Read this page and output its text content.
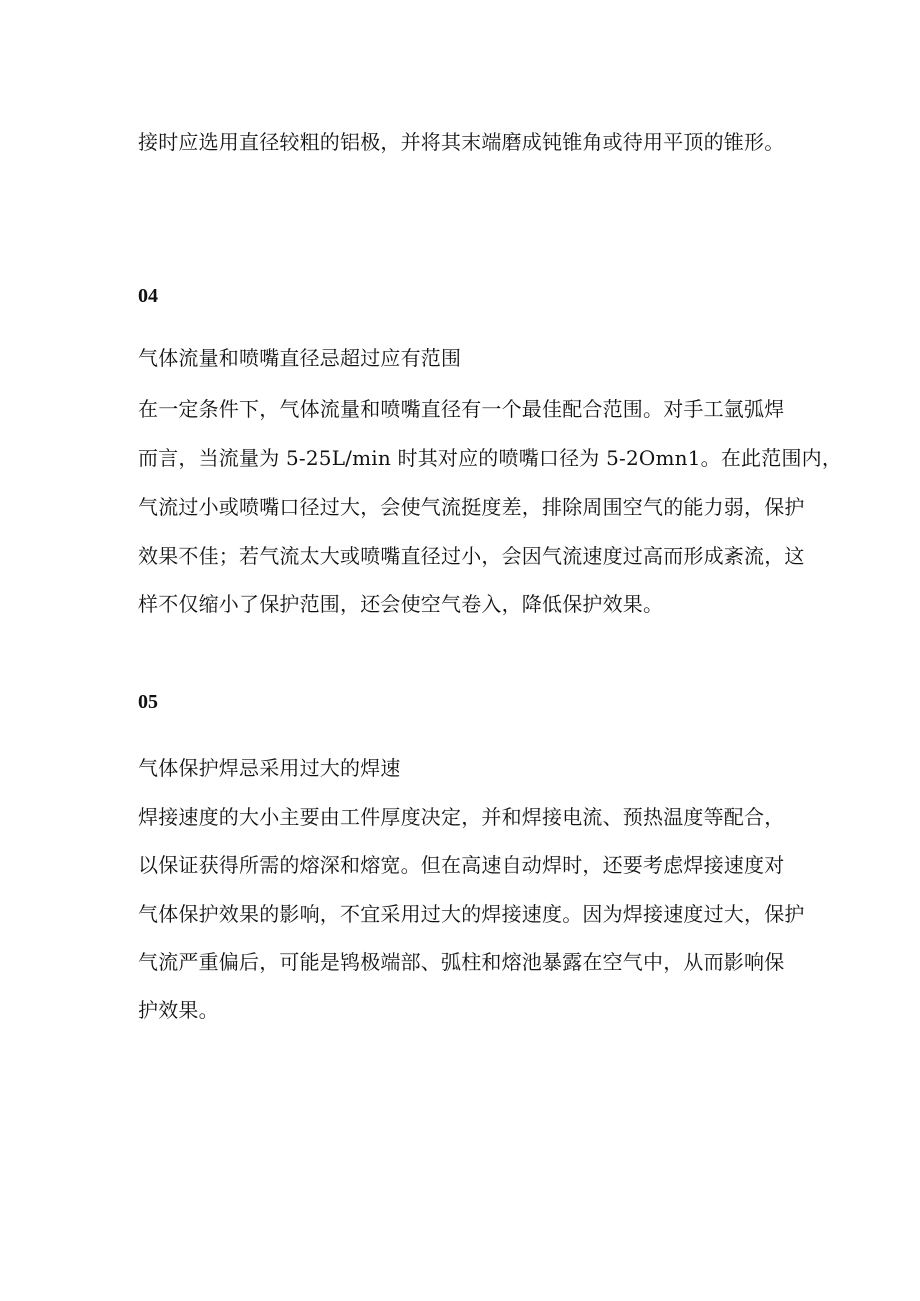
接时应选用直径较粗的铝极，并将其末端磨成钝锥角或待用平顶的锥形。
04
气体流量和喷嘴直径忌超过应有范围
在一定条件下，气体流量和喷嘴直径有一个最佳配合范围。对手工氩弧焊
而言，当流量为 5-25L/min 时其对应的喷嘴口径为 5-2Omn1。在此范围内，
气流过小或喷嘴口径过大，会使气流挺度差，排除周围空气的能力弱，保护
效果不佳；若气流太大或喷嘴直径过小，会因气流速度过高而形成紊流，这
样不仅缩小了保护范围，还会使空气卷入，降低保护效果。
05
气体保护焊忌采用过大的焊速
焊接速度的大小主要由工件厚度决定，并和焊接电流、预热温度等配合，
以保证获得所需的熔深和熔宽。但在高速自动焊时，还要考虑焊接速度对
气体保护效果的影响，不宜采用过大的焊接速度。因为焊接速度过大，保护
气流严重偏后，可能是鸨极端部、弧柱和熔池暴露在空气中，从而影响保
护效果。
